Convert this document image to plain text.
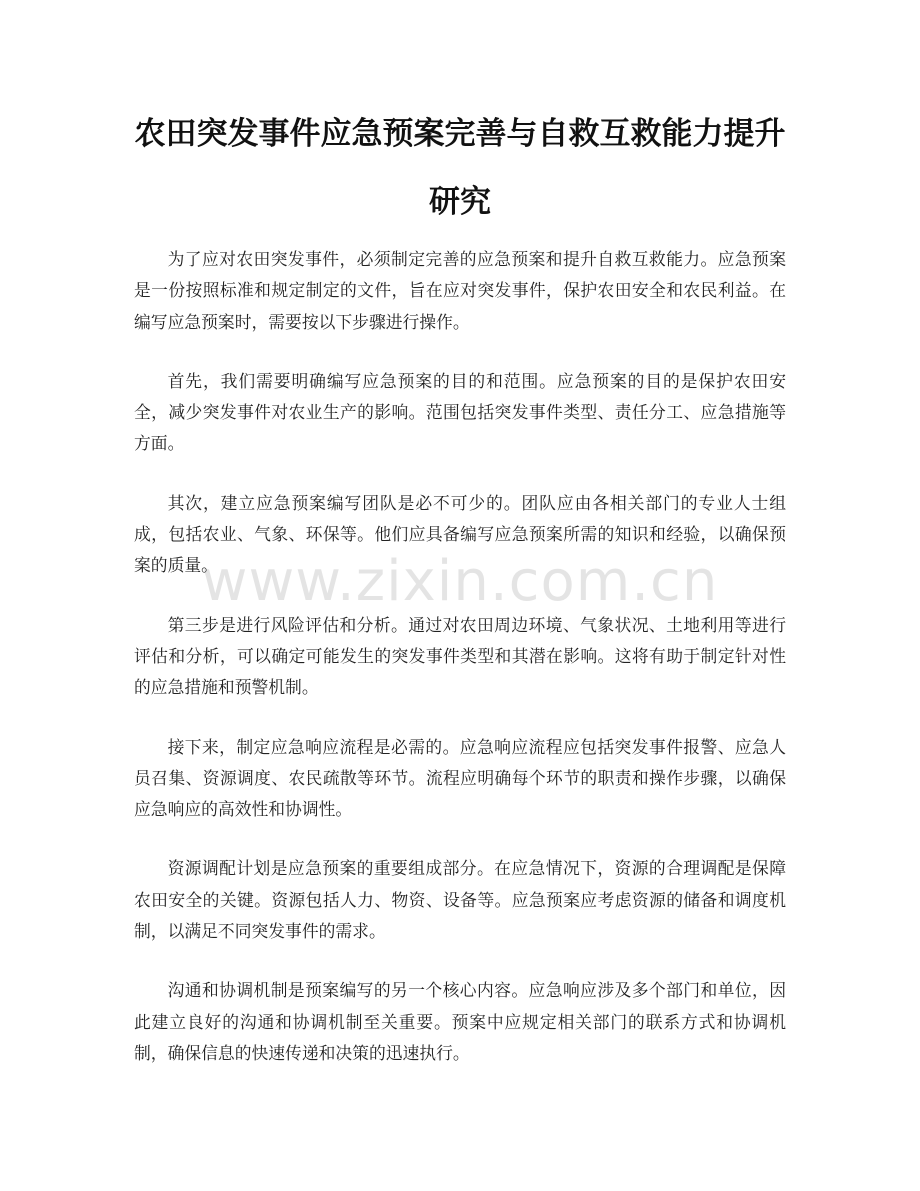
农田突发事件应急预案完善与自救互救能力提升研究

为了应对农田突发事件，必须制定完善的应急预案和提升自救互救能力。应急预案是一份按照标准和规定制定的文件，旨在应对突发事件，保护农田安全和农民利益。在编写应急预案时，需要按以下步骤进行操作。

首先，我们需要明确编写应急预案的目的和范围。应急预案的目的是保护农田安全，减少突发事件对农业生产的影响。范围包括突发事件类型、责任分工、应急措施等方面。

其次，建立应急预案编写团队是必不可少的。团队应由各相关部门的专业人士组成，包括农业、气象、环保等。他们应具备编写应急预案所需的知识和经验，以确保预案的质量。

第三步是进行风险评估和分析。通过对农田周边环境、气象状况、土地利用等进行评估和分析，可以确定可能发生的突发事件类型和其潜在影响。这将有助于制定针对性的应急措施和预警机制。

接下来，制定应急响应流程是必需的。应急响应流程应包括突发事件报警、应急人员召集、资源调度、农民疏散等环节。流程应明确每个环节的职责和操作步骤，以确保应急响应的高效性和协调性。

资源调配计划是应急预案的重要组成部分。在应急情况下，资源的合理调配是保障农田安全的关键。资源包括人力、物资、设备等。应急预案应考虑资源的储备和调度机制，以满足不同突发事件的需求。

沟通和协调机制是预案编写的另一个核心内容。应急响应涉及多个部门和单位，因此建立良好的沟通和协调机制至关重要。预案中应规定相关部门的联系方式和协调机制，确保信息的快速传递和决策的迅速执行。

www.zixin.com.cn
